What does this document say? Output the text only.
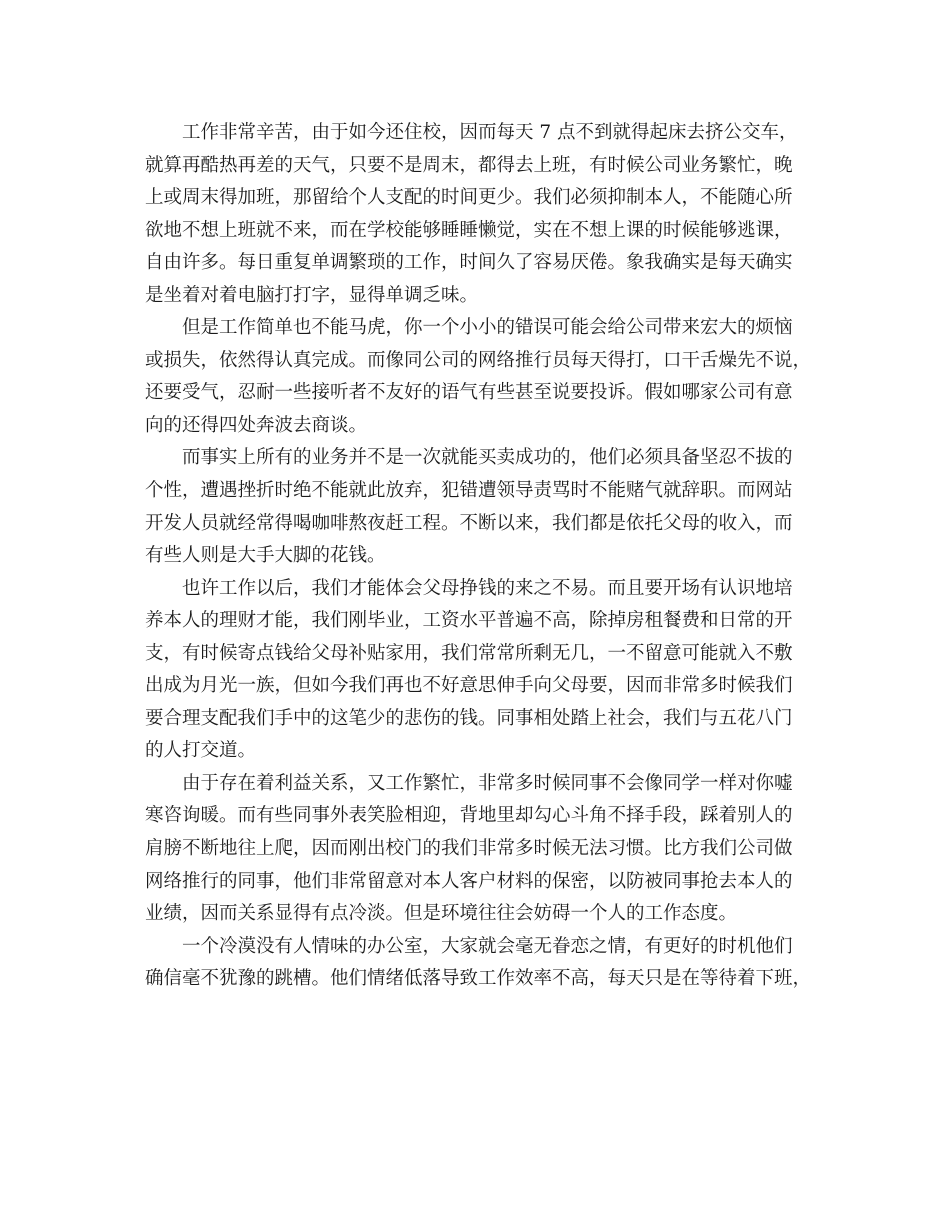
工作非常辛苦，由于如今还住校，因而每天 7 点不到就得起床去挤公交车，
就算再酷热再差的天气，只要不是周末，都得去上班，有时候公司业务繁忙，晚
上或周末得加班，那留给个人支配的时间更少。我们必须抑制本人，不能随心所
欲地不想上班就不来，而在学校能够睡睡懒觉，实在不想上课的时候能够逃课，
自由许多。每日重复单调繁琐的工作，时间久了容易厌倦。象我确实是每天确实
是坐着对着电脑打打字，显得单调乏味。
但是工作简单也不能马虎，你一个小小的错误可能会给公司带来宏大的烦恼
或损失，依然得认真完成。而像同公司的网络推行员每天得打，口干舌燥先不说，
还要受气，忍耐一些接听者不友好的语气有些甚至说要投诉。假如哪家公司有意
向的还得四处奔波去商谈。
而事实上所有的业务并不是一次就能买卖成功的，他们必须具备坚忍不拔的
个性，遭遇挫折时绝不能就此放弃，犯错遭领导责骂时不能赌气就辞职。而网站
开发人员就经常得喝咖啡熬夜赶工程。不断以来，我们都是依托父母的收入，而
有些人则是大手大脚的花钱。
也许工作以后，我们才能体会父母挣钱的来之不易。而且要开场有认识地培
养本人的理财才能，我们刚毕业，工资水平普遍不高，除掉房租餐费和日常的开
支，有时候寄点钱给父母补贴家用，我们常常所剩无几，一不留意可能就入不敷
出成为月光一族，但如今我们再也不好意思伸手向父母要，因而非常多时候我们
要合理支配我们手中的这笔少的悲伤的钱。同事相处踏上社会，我们与五花八门
的人打交道。
由于存在着利益关系，又工作繁忙，非常多时候同事不会像同学一样对你嘘
寒咨询暖。而有些同事外表笑脸相迎，背地里却勾心斗角不择手段，踩着别人的
肩膀不断地往上爬，因而刚出校门的我们非常多时候无法习惯。比方我们公司做
网络推行的同事，他们非常留意对本人客户材料的保密，以防被同事抢去本人的
业绩，因而关系显得有点冷淡。但是环境往往会妨碍一个人的工作态度。
一个冷漠没有人情味的办公室，大家就会毫无眷恋之情，有更好的时机他们
确信毫不犹豫的跳槽。他们情绪低落导致工作效率不高，每天只是在等待着下班，
